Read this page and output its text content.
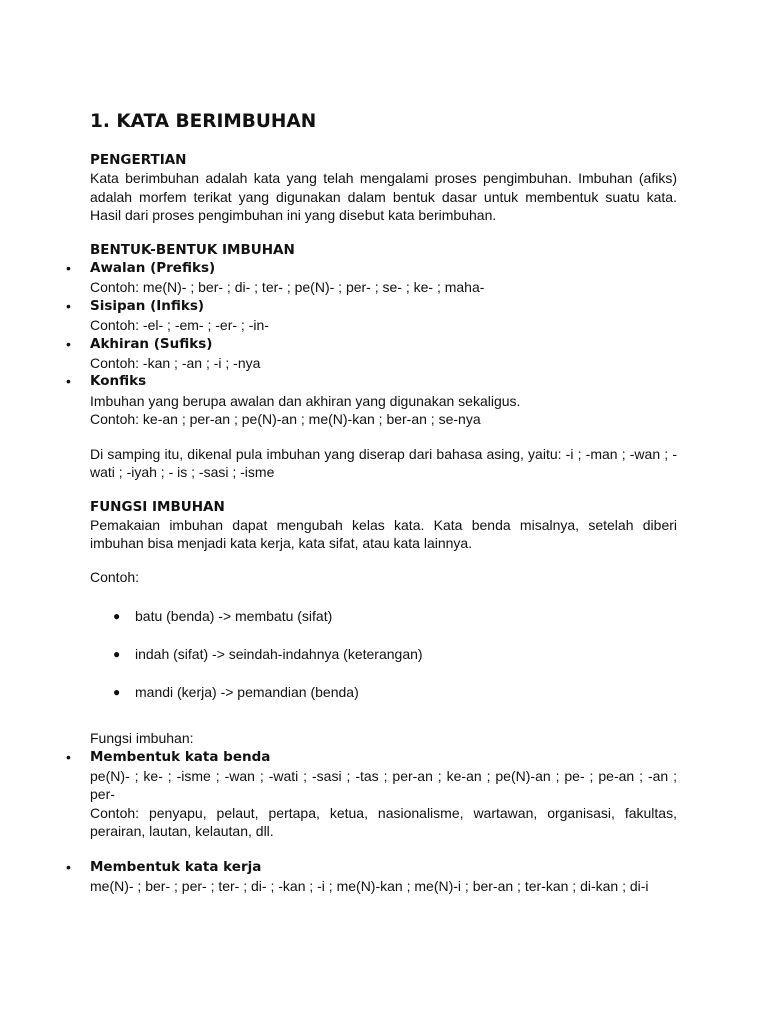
1. KATA BERIMBUHAN

PENGERTIAN

Kata berimbuhan adalah kata yang telah mengalami proses pengimbuhan. Imbuhan (afiks) adalah morfem terikat yang digunakan dalam bentuk dasar untuk membentuk suatu kata. Hasil dari proses pengimbuhan ini yang disebut kata berimbuhan.

BENTUK-BENTUK IMBUHAN

•	Awalan (Prefiks)

Contoh: me(N)- ; ber- ; di- ; ter- ; pe(N)- ; per- ; se- ; ke- ; maha-

•	Sisipan (Infiks)

Contoh: -el- ; -em- ; -er- ; -in-

•	Akhiran (Sufiks)

Contoh: -kan ; -an ; -i ; -nya

•	Konfiks

Imbuhan yang berupa awalan dan akhiran yang digunakan sekaligus.

Contoh: ke-an ; per-an ; pe(N)-an ; me(N)-kan ; ber-an ; se-nya

Di samping itu, dikenal pula imbuhan yang diserap dari bahasa asing, yaitu: -i ; -man ; -wan ; -wati ; -iyah ; - is ; -sasi ; -isme

FUNGSI IMBUHAN

Pemakaian imbuhan dapat mengubah kelas kata. Kata benda misalnya, setelah diberi imbuhan bisa menjadi kata kerja, kata sifat, atau kata lainnya.

Contoh:

● batu (benda) -> membatu (sifat)
● indah (sifat) -> seindah-indahnya (keterangan)
● mandi (kerja) -> pemandian (benda)

Fungsi imbuhan:

•	Membentuk kata benda

pe(N)- ; ke- ; -isme ; -wan ; -wati ; -sasi ; -tas ; per-an ; ke-an ; pe(N)-an ; pe- ; pe-an ; -an ; per-

Contoh: penyapu, pelaut, pertapa, ketua, nasionalisme, wartawan, organisasi, fakultas, perairan, lautan, kelautan, dll.

•	Membentuk kata kerja

me(N)- ; ber- ; per- ; ter- ; di- ; -kan ; -i ; me(N)-kan ; me(N)-i ; ber-an ; ter-kan ; di-kan ; di-i
